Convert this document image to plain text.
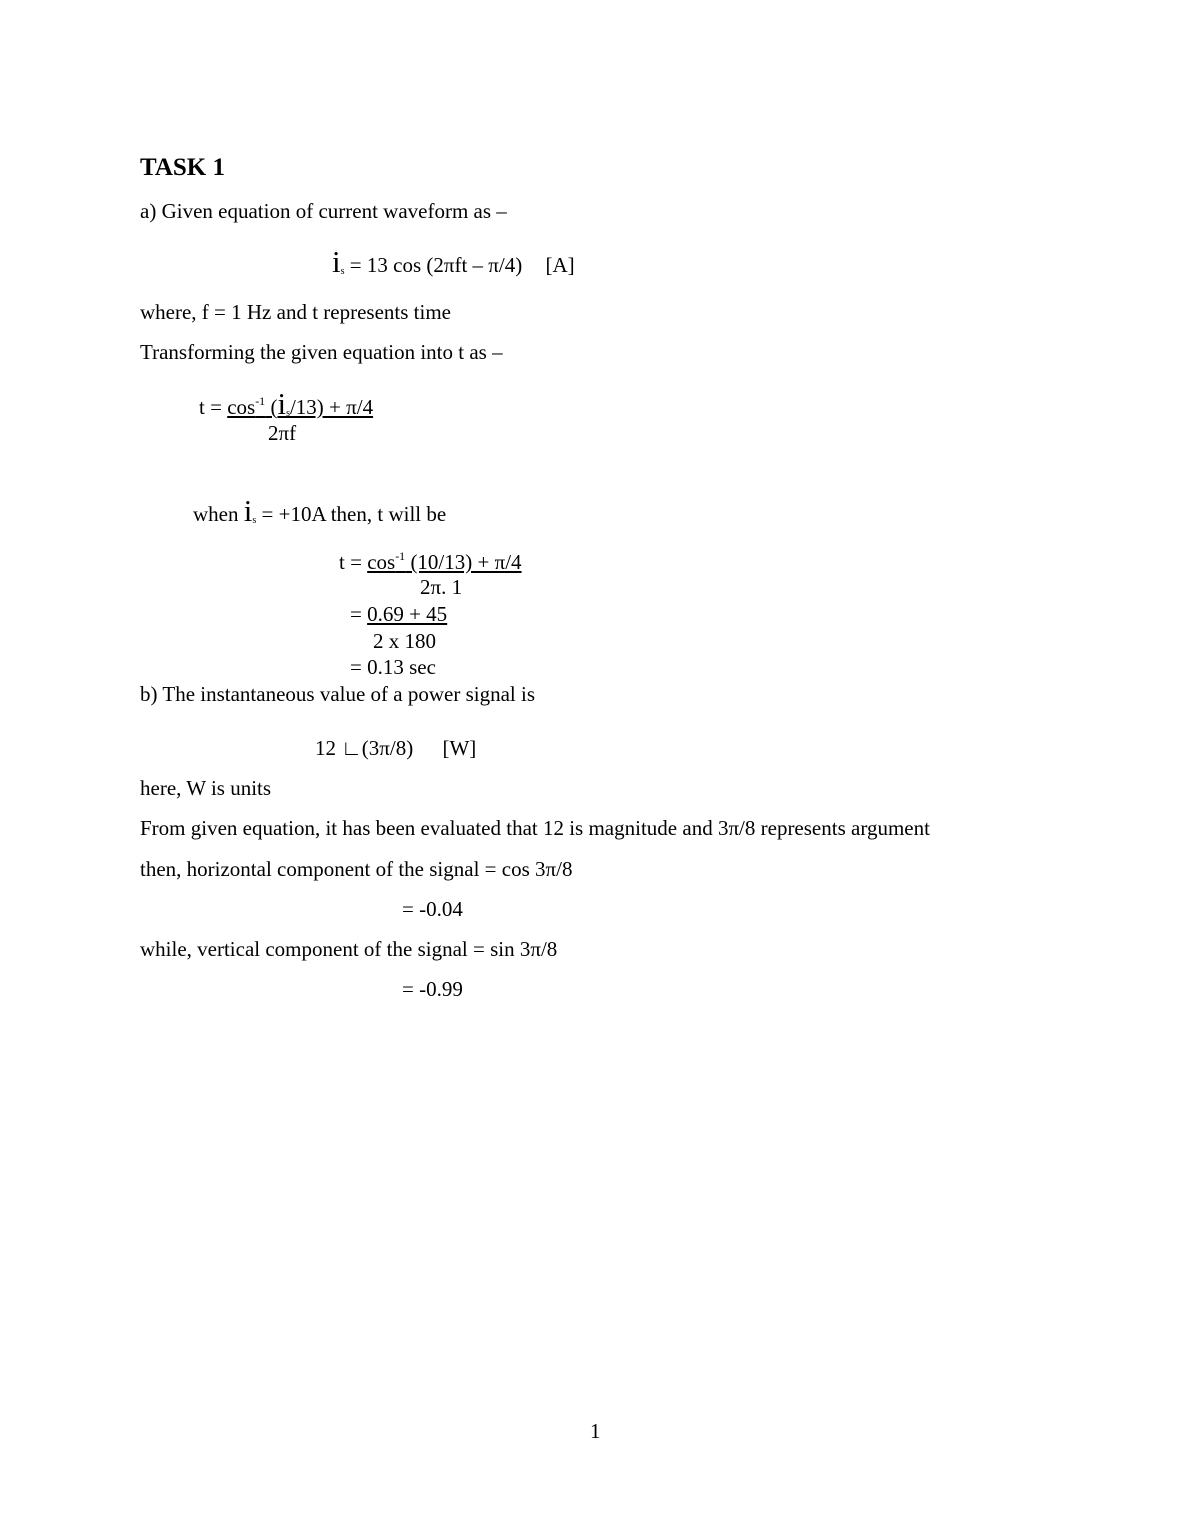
TASK 1
a) Given equation of current waveform as –
$i_s = 13$ cos (2πft – π/4) [A]
where, f = 1 Hz and t represents time
Transforming the given equation into t as –
$t = \cos^{-1} (i_s/13) + \pi/4$
2πf
when $i_s = +10A$ then, t will be
$t = \cos^{-1} (10/13) + \pi/4$
2π. 1
= 0.69 + 45
2 x 180
= 0.13 sec
b) The instantaneous value of a power signal is
12 ∟(3π/8) [W]
here, W is units
From given equation, it has been evaluated that 12 is magnitude and 3π/8 represents argument
then, horizontal component of the signal = cos 3π/8
= -0.04
while, vertical component of the signal = sin 3π/8
= -0.99
1
